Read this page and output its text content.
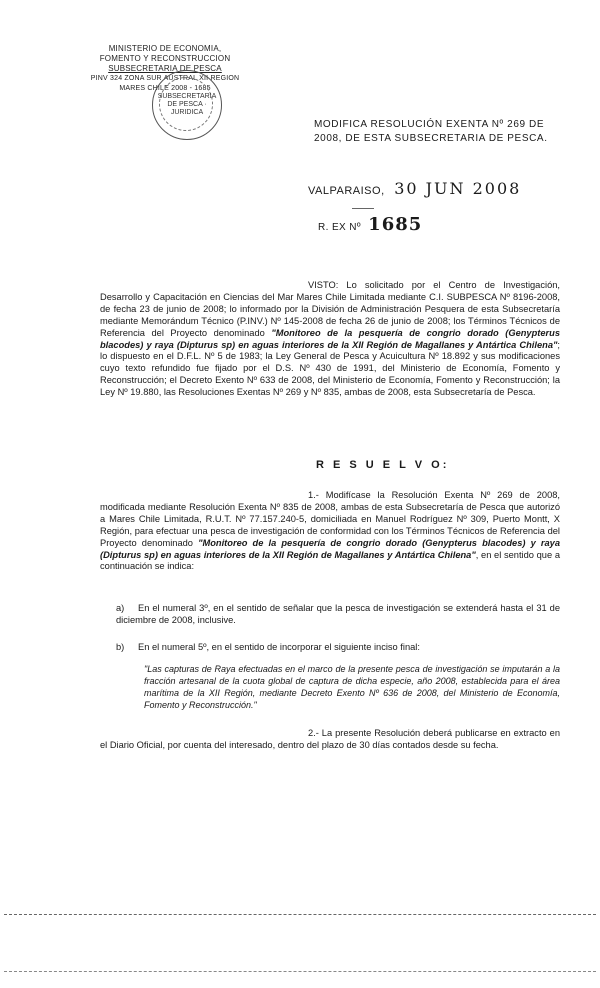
MINISTERIO DE ECONOMIA,
FOMENTO Y RECONSTRUCCION
SUBSECRETARIA DE PESCA
PINV 324 ZONA SUR AUSTRAL XII REGION
MARES CHILE 2008 - 1685
SUBSECRETARIA DE PESCA · JURIDICA
MODIFICA RESOLUCIÓN EXENTA Nº 269 DE 2008, DE ESTA SUBSECRETARIA DE PESCA.
VALPARAISO, 30 JUN 2008
R. EX Nº 1685
VISTO: Lo solicitado por el Centro de Investigación, Desarrollo y Capacitación en Ciencias del Mar Mares Chile Limitada mediante C.I. SUBPESCA Nº 8196-2008, de fecha 23 de junio de 2008; lo informado por la División de Administración Pesquera de esta Subsecretaría mediante Memorándum Técnico (P.INV.) Nº 145-2008 de fecha 26 de junio de 2008; los Términos Técnicos de Referencia del Proyecto denominado "Monitoreo de la pesquería de congrio dorado (Genypterus blacodes) y raya (Dipturus sp) en aguas interiores de la XII Región de Magallanes y Antártica Chilena"; lo dispuesto en el D.F.L. Nº 5 de 1983; la Ley General de Pesca y Acuicultura Nº 18.892 y sus modificaciones cuyo texto refundido fue fijado por el D.S. Nº 430 de 1991, del Ministerio de Economía, Fomento y Reconstrucción; el Decreto Exento Nº 633 de 2008, del Ministerio de Economía, Fomento y Reconstrucción; la Ley Nº 19.880, las Resoluciones Exentas Nº 269 y Nº 835, ambas de 2008, esta Subsecretaría de Pesca.
R E S U E L V O:
1.- Modifícase la Resolución Exenta Nº 269 de 2008, modificada mediante Resolución Exenta Nº 835 de 2008, ambas de esta Subsecretaría de Pesca que autorizó a Mares Chile Limitada, R.U.T. Nº 77.157.240-5, domiciliada en Manuel Rodríguez Nº 309, Puerto Montt, X Región, para efectuar una pesca de investigación de conformidad con los Términos Técnicos de Referencia del Proyecto denominado "Monitoreo de la pesquería de congrio dorado (Genypterus blacodes) y raya (Dipturus sp) en aguas interiores de la XII Región de Magallanes y Antártica Chilena", en el sentido que a continuación se indica:
a) En el numeral 3º, en el sentido de señalar que la pesca de investigación se extenderá hasta el 31 de diciembre de 2008, inclusive.
b) En el numeral 5º, en el sentido de incorporar el siguiente inciso final:
"Las capturas de Raya efectuadas en el marco de la presente pesca de investigación se imputarán a la fracción artesanal de la cuota global de captura de dicha especie, año 2008, establecida para el área marítima de la XII Región, mediante Decreto Exento Nº 636 de 2008, del Ministerio de Economía, Fomento y Reconstrucción."
2.- La presente Resolución deberá publicarse en extracto en el Diario Oficial, por cuenta del interesado, dentro del plazo de 30 días contados desde su fecha.
